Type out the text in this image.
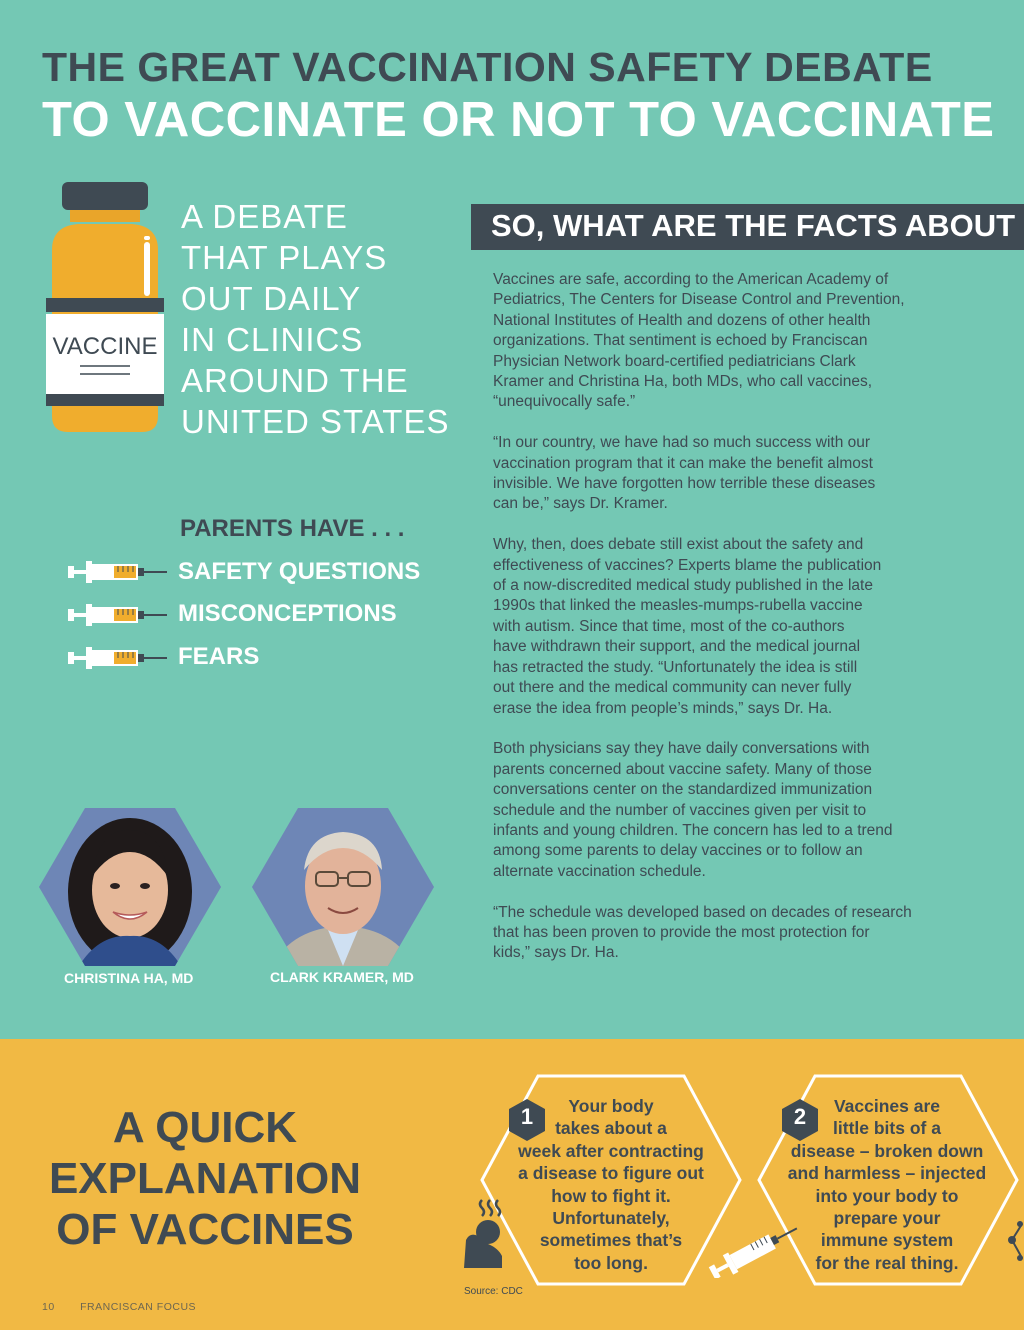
THE GREAT VACCINATION SAFETY DEBATE
TO VACCINATE OR NOT TO VACCINATE
VACCINE
A DEBATE
THAT PLAYS
OUT DAILY
IN CLINICS
AROUND THE
UNITED STATES
SO, WHAT ARE THE FACTS ABOUT

Vaccines are safe, according to the American Academy of
Pediatrics, The Centers for Disease Control and Prevention,
National Institutes of Health and dozens of other health
organizations. That sentiment is echoed by Franciscan
Physician Network board-certified pediatricians Clark
Kramer and Christina Ha, both MDs, who call vaccines,
“unequivocally safe.”

“In our country, we have had so much success with our
vaccination program that it can make the benefit almost
invisible. We have forgotten how terrible these diseases
can be,” says Dr. Kramer.

Why, then, does debate still exist about the safety and
effectiveness of vaccines? Experts blame the publication
of a now-discredited medical study published in the late
1990s that linked the measles-mumps-rubella vaccine
with autism. Since that time, most of the co-authors
have withdrawn their support, and the medical journal
has retracted the study. “Unfortunately the idea is still
out there and the medical community can never fully
erase the idea from people’s minds,” says Dr. Ha.

Both physicians say they have daily conversations with
parents concerned about vaccine safety. Many of those
conversations center on the standardized immunization
schedule and the number of vaccines given per visit to
infants and young children. The concern has led to a trend
among some parents to delay vaccines or to follow an
alternate vaccination schedule.

“The schedule was developed based on decades of research
that has been proven to provide the most protection for
kids,” says Dr. Ha.

PARENTS HAVE . . .
SAFETY QUESTIONS
MISCONCEPTIONS
FEARS
CHRISTINA HA, MD	CLARK KRAMER, MD
A QUICK
EXPLANATION
OF VACCINES
1	Your body
takes about a
week after contracting
a disease to figure out
how to fight it.
Unfortunately,
sometimes that’s
too long.
2	Vaccines are
little bits of a
disease – broken down
and harmless – injected
into your body to
prepare your
immune system
for the real thing.
Source: CDC
10 FRANCISCAN FOCUS
